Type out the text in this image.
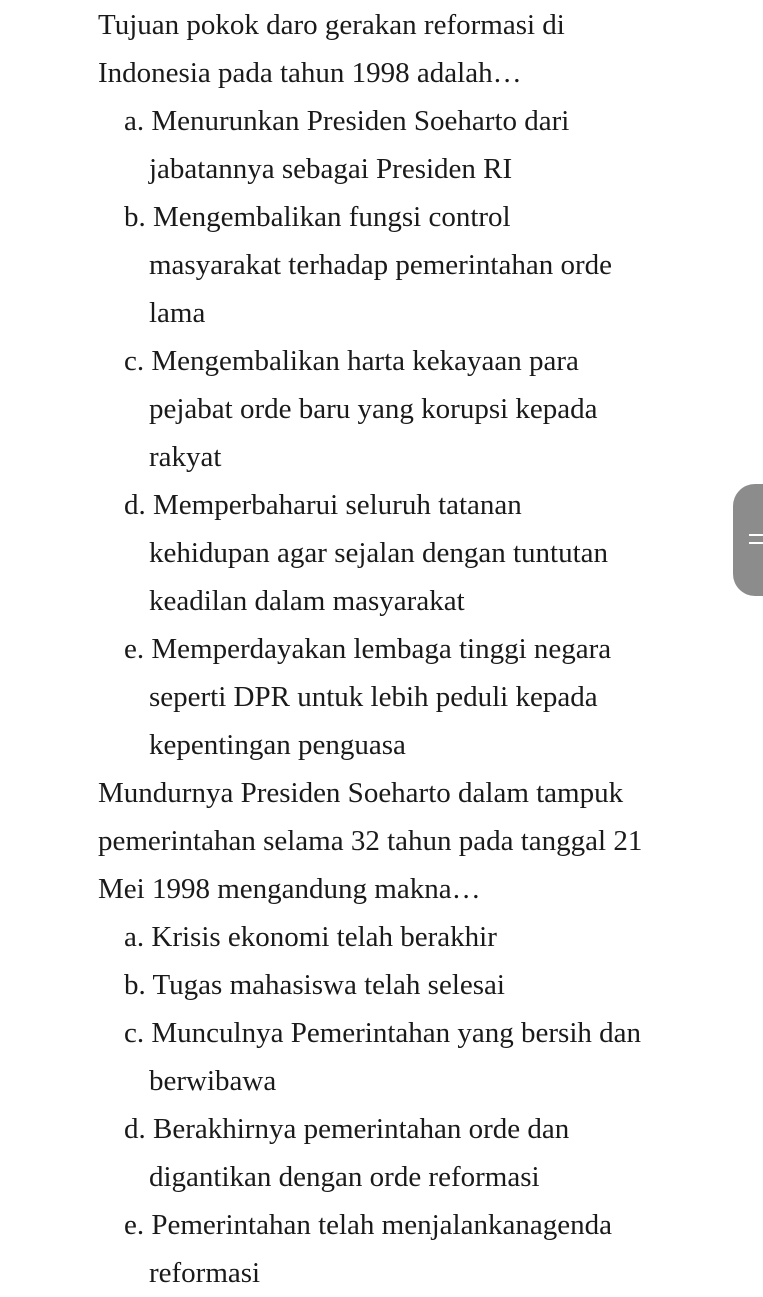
Tujuan pokok daro gerakan reformasi di
Indonesia pada tahun 1998 adalah…
a. Menurunkan Presiden Soeharto dari
jabatannya sebagai Presiden RI
b. Mengembalikan fungsi control
masyarakat terhadap pemerintahan orde
lama
c. Mengembalikan harta kekayaan para
pejabat orde baru yang korupsi kepada
rakyat
d. Memperbaharui seluruh tatanan
kehidupan agar sejalan dengan tuntutan
keadilan dalam masyarakat
e. Memperdayakan lembaga tinggi negara
seperti DPR untuk lebih peduli kepada
kepentingan penguasa
Mundurnya Presiden Soeharto dalam tampuk
pemerintahan selama 32 tahun pada tanggal 21
Mei 1998 mengandung makna…
a. Krisis ekonomi telah berakhir
b. Tugas mahasiswa telah selesai
c. Munculnya Pemerintahan yang bersih dan
berwibawa
d. Berakhirnya pemerintahan orde dan
digantikan dengan orde reformasi
e. Pemerintahan telah menjalankanagenda
reformasi
